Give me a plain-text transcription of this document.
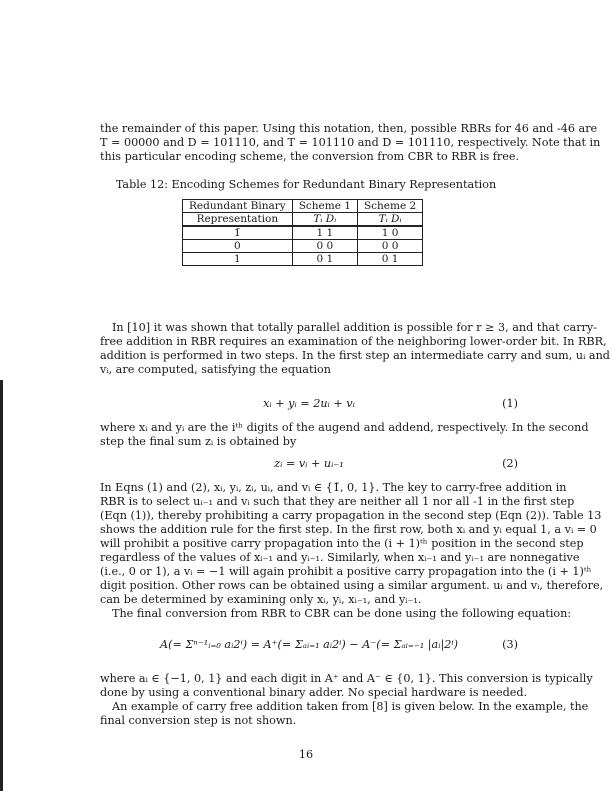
the remainder of this paper. Using this notation, then, possible RBRs for 46 and -46 are
T = 00000 and D = 101110, and T = 101110 and D = 101110, respectively. Note that in
this particular encoding scheme, the conversion from CBR to RBR is free.
Table 12: Encoding Schemes for Redundant Binary Representation
Redundant Binary	Scheme 1	Scheme 2
Representation	Tᵢ Dᵢ	Tᵢ Dᵢ
1̄	1 1	1 0
0	0 0	0 0
1	0 1	0 1
In [10] it was shown that totally parallel addition is possible for r ≥ 3, and that carry-
free addition in RBR requires an examination of the neighboring lower-order bit. In RBR,
addition is performed in two steps. In the first step an intermediate carry and sum, uᵢ and
vᵢ, are computed, satisfying the equation
xᵢ + yᵢ = 2uᵢ + vᵢ	(1)
where xᵢ and yᵢ are the iᵗʰ digits of the augend and addend, respectively. In the second
step the final sum zᵢ is obtained by
zᵢ = vᵢ + uᵢ₋₁	(2)
In Eqns (1) and (2), xᵢ, yᵢ, zᵢ, uᵢ, and vᵢ ∈ {1̄, 0, 1}. The key to carry-free addition in
RBR is to select uᵢ₋₁ and vᵢ such that they are neither all 1 nor all -1 in the first step
(Eqn (1)), thereby prohibiting a carry propagation in the second step (Eqn (2)). Table 13
shows the addition rule for the first step. In the first row, both xᵢ and yᵢ equal 1, a vᵢ = 0
will prohibit a positive carry propagation into the (i + 1)ᵗʰ position in the second step
regardless of the values of xᵢ₋₁ and yᵢ₋₁. Similarly, when xᵢ₋₁ and yᵢ₋₁ are nonnegative
(i.e., 0 or 1), a vᵢ = −1 will again prohibit a positive carry propagation into the (i + 1)ᵗʰ
digit position. Other rows can be obtained using a similar argument. uᵢ and vᵢ, therefore,
can be determined by examining only xᵢ, yᵢ, xᵢ₋₁, and yᵢ₋₁.
The final conversion from RBR to CBR can be done using the following equation:
A(= Σⁿ⁻¹ᵢ₌₀ aᵢ2ⁱ) = A⁺(= Σₐᵢ₌₁ aᵢ2ⁱ) − A⁻(= Σₐᵢ₌₋₁ |aᵢ|2ⁱ)	(3)
where aᵢ ∈ {−1, 0, 1} and each digit in A⁺ and A⁻ ∈ {0, 1}. This conversion is typically
done by using a conventional binary adder. No special hardware is needed.
An example of carry free addition taken from [8] is given below. In the example, the
final conversion step is not shown.
16
